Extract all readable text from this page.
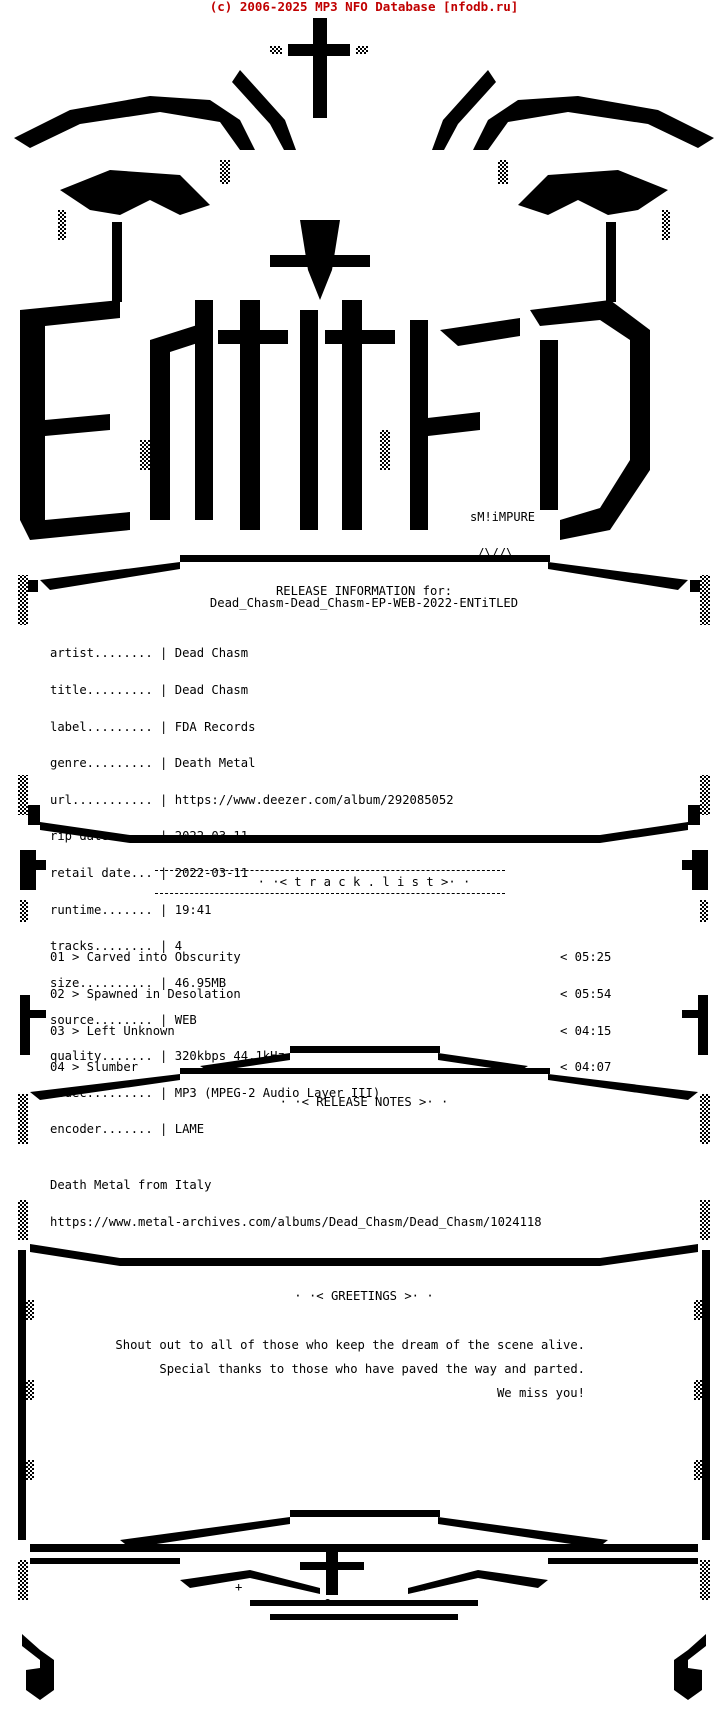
(c) 2006-2025 MP3 NFO Database [nfodb.ru]

sM!iMPURE

./\//\.

RELEASE INFORMATION for:
Dead_Chasm-Dead_Chasm-EP-WEB-2022-ENTiTLED

artist........ | Dead Chasm

title......... | Dead Chasm

label......... | FDA Records

genre......... | Death Metal

url........... | https://www.deezer.com/album/292085052

rip date...... | 2022-03-11

retail date... | 2022-03-11

runtime....... | 19:41

tracks........ | 4

size.......... | 46.95MB

source........ | WEB

quality....... | 320kbps 44.1kHz

codec......... | MP3 (MPEG-2 Audio Layer III)

encoder....... | LAME

· ·< t r a c k . l i s t >· ·

01 > Carved into Obscurity

02 > Spawned in Desolation

03 > Left Unknown

04 > Slumber

< 05:25

< 05:54

< 04:15

< 04:07

· ·< RELEASE NOTES >· ·

Death Metal from Italy

https://www.metal-archives.com/albums/Dead_Chasm/Dead_Chasm/1024118

· ·< GREETINGS >· ·
Shout out to all of those who keep the dream of the scene alive.
Special thanks to those who have paved the way and parted.
We miss you!
+	+
o
